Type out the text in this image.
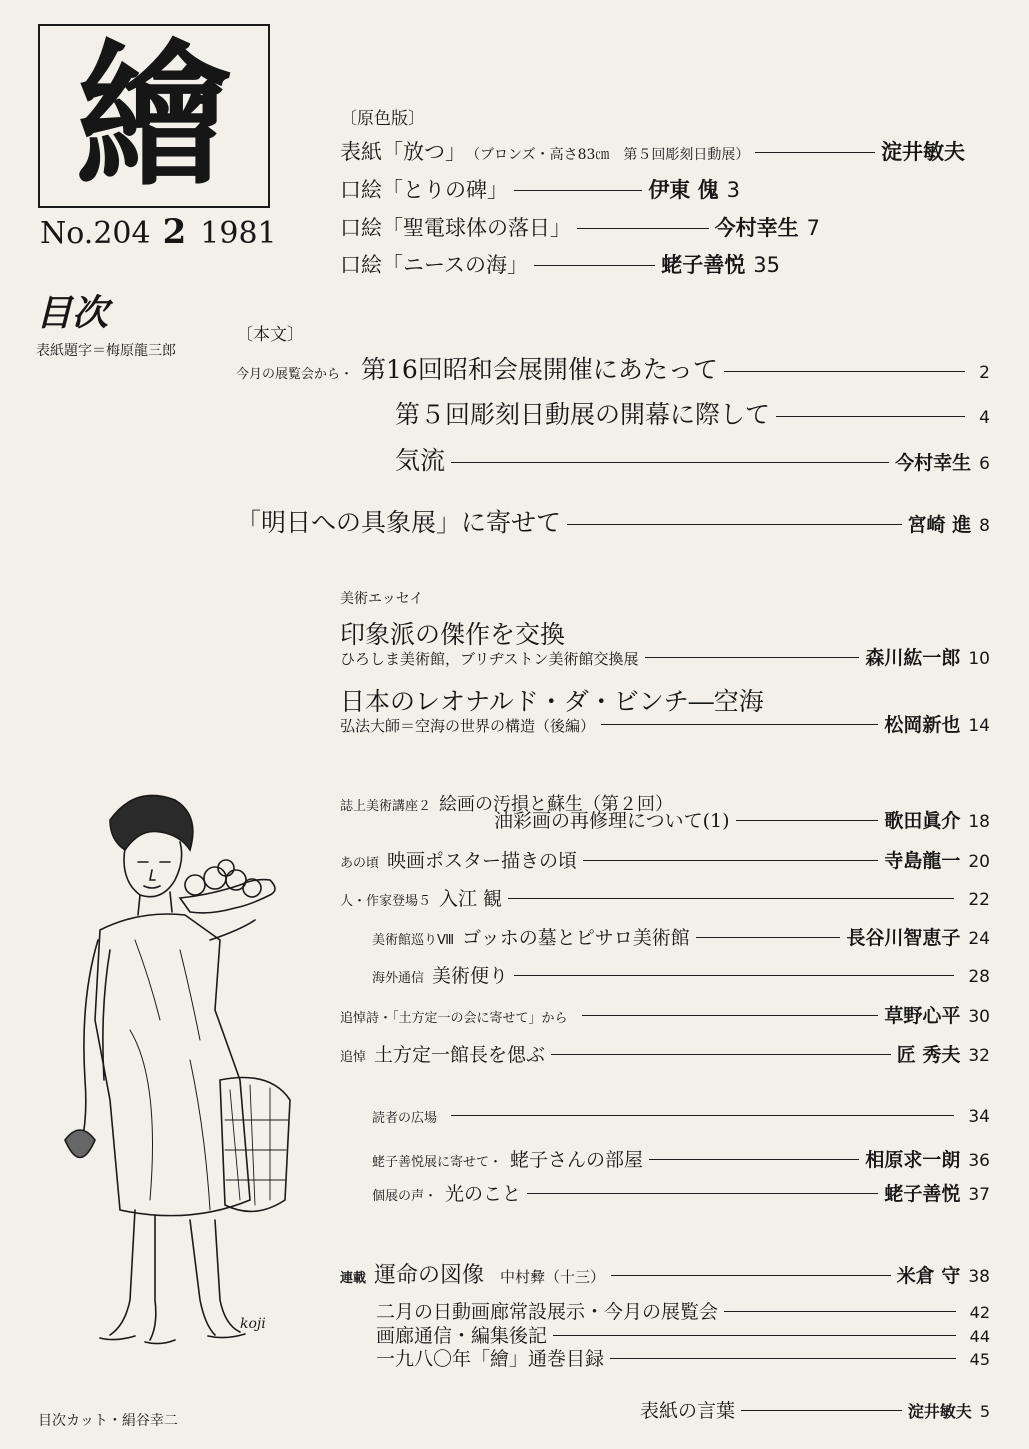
繪
No.204 2 1981
目次
表紙題字＝梅原龍三郎
〔原色版〕
表紙「放つ」 （ブロンズ・高さ83㎝　第５回彫刻日動展）	淀井敏夫
口絵「とりの碑」	伊東 傀 3
口絵「聖電球体の落日」	今村幸生 7
口絵「ニースの海」	蛯子善悦 35
〔本文〕
今月の展覧会から・ 第16回昭和会展開催にあたって	2
第５回彫刻日動展の開幕に際して	4
気流	今村幸生 6
「明日への具象展」に寄せて	宮崎 進 8
美術エッセイ
印象派の傑作を交換
ひろしま美術館，ブリヂストン美術館交換展	森川紘一郎 10
日本のレオナルド・ダ・ビンチ―空海
弘法大師＝空海の世界の構造（後編）	松岡新也 14
誌上美術講座２ 絵画の汚損と蘇生（第２回）
油彩画の再修理について(1)	歌田眞介 18
あの頃 映画ポスター描きの頃	寺島龍一 20
人・作家登場５ 入江 観	22
美術館巡りⅧ ゴッホの墓とピサロ美術館	長谷川智恵子 24
海外通信 美術便り	28
追悼詩・「土方定一の会に寄せて」から	草野心平 30
追悼 土方定一館長を偲ぶ	匠 秀夫 32
読者の広場	34
蛯子善悦展に寄せて・ 蛯子さんの部屋	相原求一朗 36
個展の声・ 光のこと	蛯子善悦 37
連載 運命の図像 中村彜（十三）	米倉 守 38
二月の日動画廊常設展示・今月の展覧会	42
画廊通信・編集後記	44
一九八〇年「繪」通巻目録	45
表紙の言葉	淀井敏夫 5
koji
目次カット・絹谷幸二
